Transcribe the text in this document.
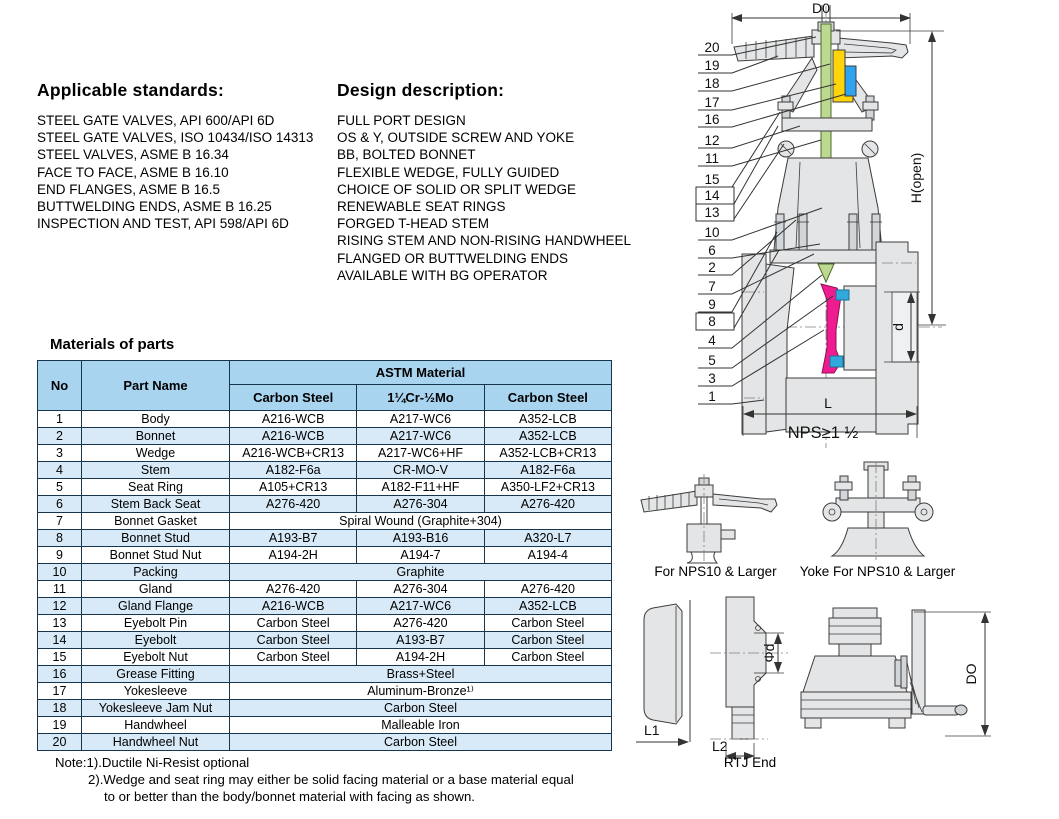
Applicable standards:
STEEL GATE VALVES, API 600/API 6D
STEEL GATE VALVES, ISO 10434/ISO 14313
STEEL VALVES, ASME B 16.34
FACE TO FACE, ASME B 16.10
END FLANGES, ASME B 16.5
BUTTWELDING ENDS, ASME B 16.25
INSPECTION AND TEST, API 598/API 6D
Design description:
FULL PORT DESIGN
OS & Y, OUTSIDE SCREW AND YOKE
BB, BOLTED BONNET
FLEXIBLE WEDGE, FULLY GUIDED
CHOICE OF SOLID OR SPLIT WEDGE
RENEWABLE SEAT RINGS
FORGED T-HEAD STEM
RISING STEM AND NON-RISING HANDWHEEL
FLANGED OR BUTTWELDING ENDS
AVAILABLE WITH BG OPERATOR
Materials of parts
No	Part Name	ASTM Material		
		Carbon Steel	1¼Cr-½Mo	Carbon Steel
1	Body	A216-WCB	A217-WC6	A352-LCB
2	Bonnet	A216-WCB	A217-WC6	A352-LCB
3	Wedge	A216-WCB+CR13	A217-WC6+HF	A352-LCB+CR13
4	Stem	A182-F6a	CR-MO-V	A182-F6a
5	Seat Ring	A105+CR13	A182-F11+HF	A350-LF2+CR13
6	Stem Back Seat	A276-420	A276-304	A276-420
7	Bonnet Gasket	Spiral Wound (Graphite+304)		
8	Bonnet Stud	A193-B7	A193-B16	A320-L7
9	Bonnet Stud Nut	A194-2H	A194-7	A194-4
10	Packing	Graphite		
11	Gland	A276-420	A276-304	A276-420
12	Gland Flange	A216-WCB	A217-WC6	A352-LCB
13	Eyebolt Pin	Carbon Steel	A276-420	Carbon Steel
14	Eyebolt	Carbon Steel	A193-B7	Carbon Steel
15	Eyebolt Nut	Carbon Steel	A194-2H	Carbon Steel
16	Grease Fitting	Brass+Steel		
17	Yokesleeve	Aluminum-Bronze¹⁾		
18	Yokesleeve Jam Nut	Carbon Steel		
19	Handwheel	Malleable Iron		
20	Handwheel Nut	Carbon Steel		
Note:1).Ductile Ni-Resist optional
2).Wedge and seat ring may either be solid facing material or a base material equal
to or better than the body/bonnet material with facing as shown.
D0
H(open)
d
L
NPS≥1 ½
20
19
18
17
16
12
11
15
14
13
10
6
2
7
9
8
4
5
3
1
For NPS10 & Larger	Yoke For NPS10 & Larger
L1
Φd
L2
RTJ End
DO
